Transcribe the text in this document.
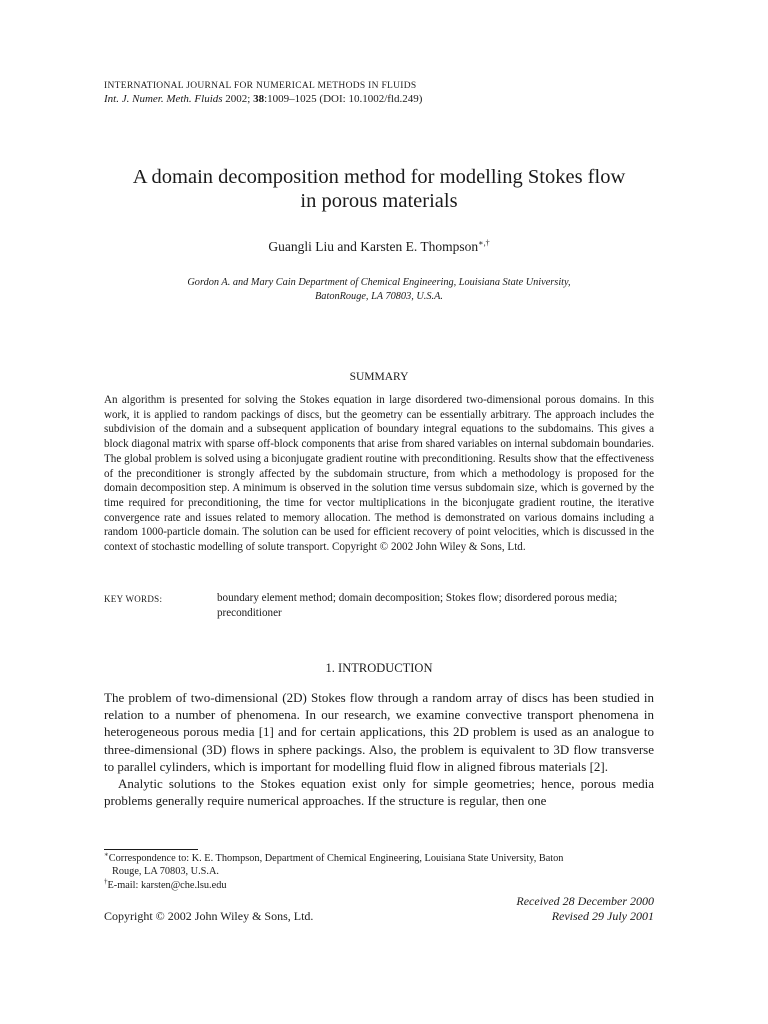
INTERNATIONAL JOURNAL FOR NUMERICAL METHODS IN FLUIDS
Int. J. Numer. Meth. Fluids 2002; 38:1009–1025 (DOI: 10.1002/fld.249)
A domain decomposition method for modelling Stokes flow
in porous materials
Guangli Liu and Karsten E. Thompson∗,†
Gordon A. and Mary Cain Department of Chemical Engineering, Louisiana State University,
BatonRouge, LA 70803, U.S.A.
SUMMARY
An algorithm is presented for solving the Stokes equation in large disordered two-dimensional porous domains. In this work, it is applied to random packings of discs, but the geometry can be essentially arbitrary. The approach includes the subdivision of the domain and a subsequent application of boundary integral equations to the subdomains. This gives a block diagonal matrix with sparse off-block components that arise from shared variables on internal subdomain boundaries. The global problem is solved using a biconjugate gradient routine with preconditioning. Results show that the effectiveness of the preconditioner is strongly affected by the subdomain structure, from which a methodology is proposed for the domain decomposition step. A minimum is observed in the solution time versus subdomain size, which is governed by the time required for preconditioning, the time for vector multiplications in the biconjugate gradient routine, the iterative convergence rate and issues related to memory allocation. The method is demonstrated on various domains including a random 1000-particle domain. The solution can be used for efficient recovery of point velocities, which is discussed in the context of stochastic modelling of solute transport. Copyright © 2002 John Wiley & Sons, Ltd.
KEY WORDS:	boundary element method; domain decomposition; Stokes flow; disordered porous media; preconditioner
1. INTRODUCTION

The problem of two-dimensional (2D) Stokes flow through a random array of discs has been studied in relation to a number of phenomena. In our research, we examine convective transport phenomena in heterogeneous porous media [1] and for certain applications, this 2D problem is used as an analogue to three-dimensional (3D) flows in sphere packings. Also, the problem is equivalent to 3D flow transverse to parallel cylinders, which is important for modelling fluid flow in aligned fibrous materials [2].

Analytic solutions to the Stokes equation exist only for simple geometries; hence, porous media problems generally require numerical approaches. If the structure is regular, then one

∗Correspondence to: K. E. Thompson, Department of Chemical Engineering, Louisiana State University, Baton
Rouge, LA 70803, U.S.A.
†E-mail: karsten@che.lsu.edu
Received 28 December 2000
Revised 29 July 2001
Copyright © 2002 John Wiley & Sons, Ltd.
